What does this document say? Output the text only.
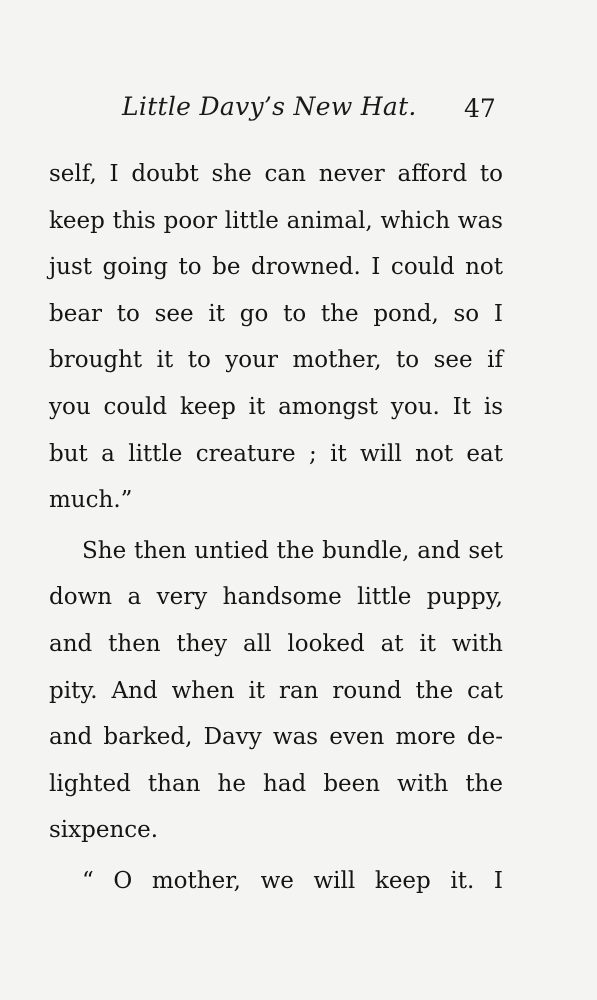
Little Davy’s New Hat. 47
self, I doubt she can never afford to
keep this poor little animal, which was
just going to be drowned. I could not
bear to see it go to the pond, so I
brought it to your mother, to see if
you could keep it amongst you. It is
but a little creature ; it will not eat
much.”
She then untied the bundle, and set
down a very handsome little puppy,
and then they all looked at it with
pity. And when it ran round the cat
and barked, Davy was even more de-
lighted than he had been with the
sixpence.
“ O mother, we will keep it. I
